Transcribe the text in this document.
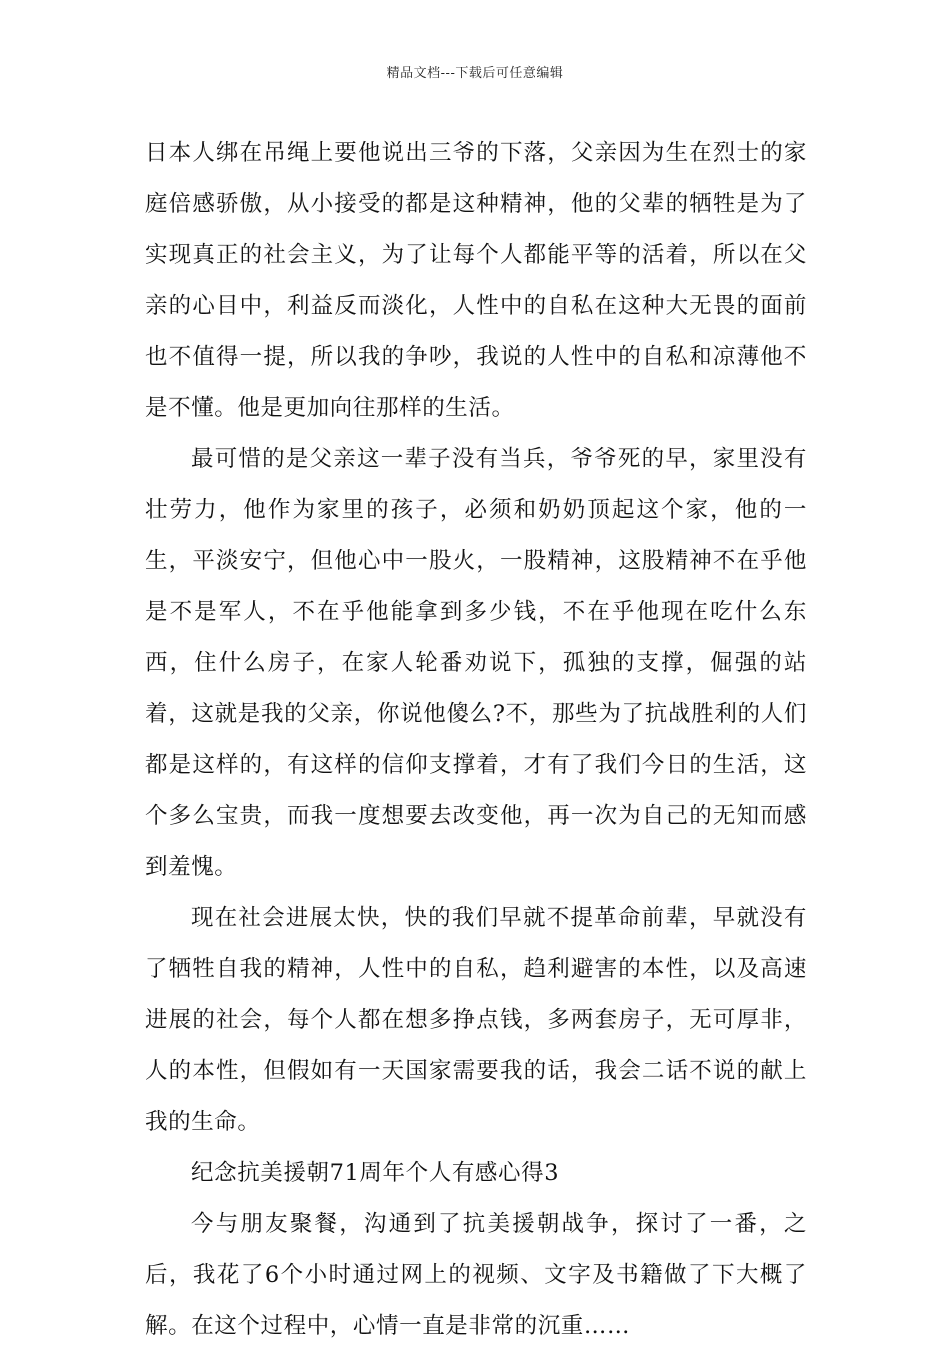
精品文档---下载后可任意编辑

日本人绑在吊绳上要他说出三爷的下落，父亲因为生在烈士的家庭倍感骄傲，从小接受的都是这种精神，他的父辈的牺牲是为了实现真正的社会主义，为了让每个人都能平等的活着，所以在父亲的心目中，利益反而淡化，人性中的自私在这种大无畏的面前也不值得一提，所以我的争吵，我说的人性中的自私和凉薄他不是不懂。他是更加向往那样的生活。

最可惜的是父亲这一辈子没有当兵，爷爷死的早，家里没有壮劳力，他作为家里的孩子，必须和奶奶顶起这个家，他的一生，平淡安宁，但他心中一股火，一股精神，这股精神不在乎他是不是军人，不在乎他能拿到多少钱，不在乎他现在吃什么东西，住什么房子，在家人轮番劝说下，孤独的支撑，倔强的站着，这就是我的父亲，你说他傻么?不，那些为了抗战胜利的人们都是这样的，有这样的信仰支撑着，才有了我们今日的生活，这个多么宝贵，而我一度想要去改变他，再一次为自己的无知而感到羞愧。

现在社会进展太快，快的我们早就不提革命前辈，早就没有了牺牲自我的精神，人性中的自私，趋利避害的本性，以及高速进展的社会，每个人都在想多挣点钱，多两套房子，无可厚非，人的本性，但假如有一天国家需要我的话，我会二话不说的献上我的生命。

纪念抗美援朝71周年个人有感心得3

今与朋友聚餐，沟通到了抗美援朝战争，探讨了一番，之后，我花了6个小时通过网上的视频、文字及书籍做了下大概了解。在这个过程中，心情一直是非常的沉重……
